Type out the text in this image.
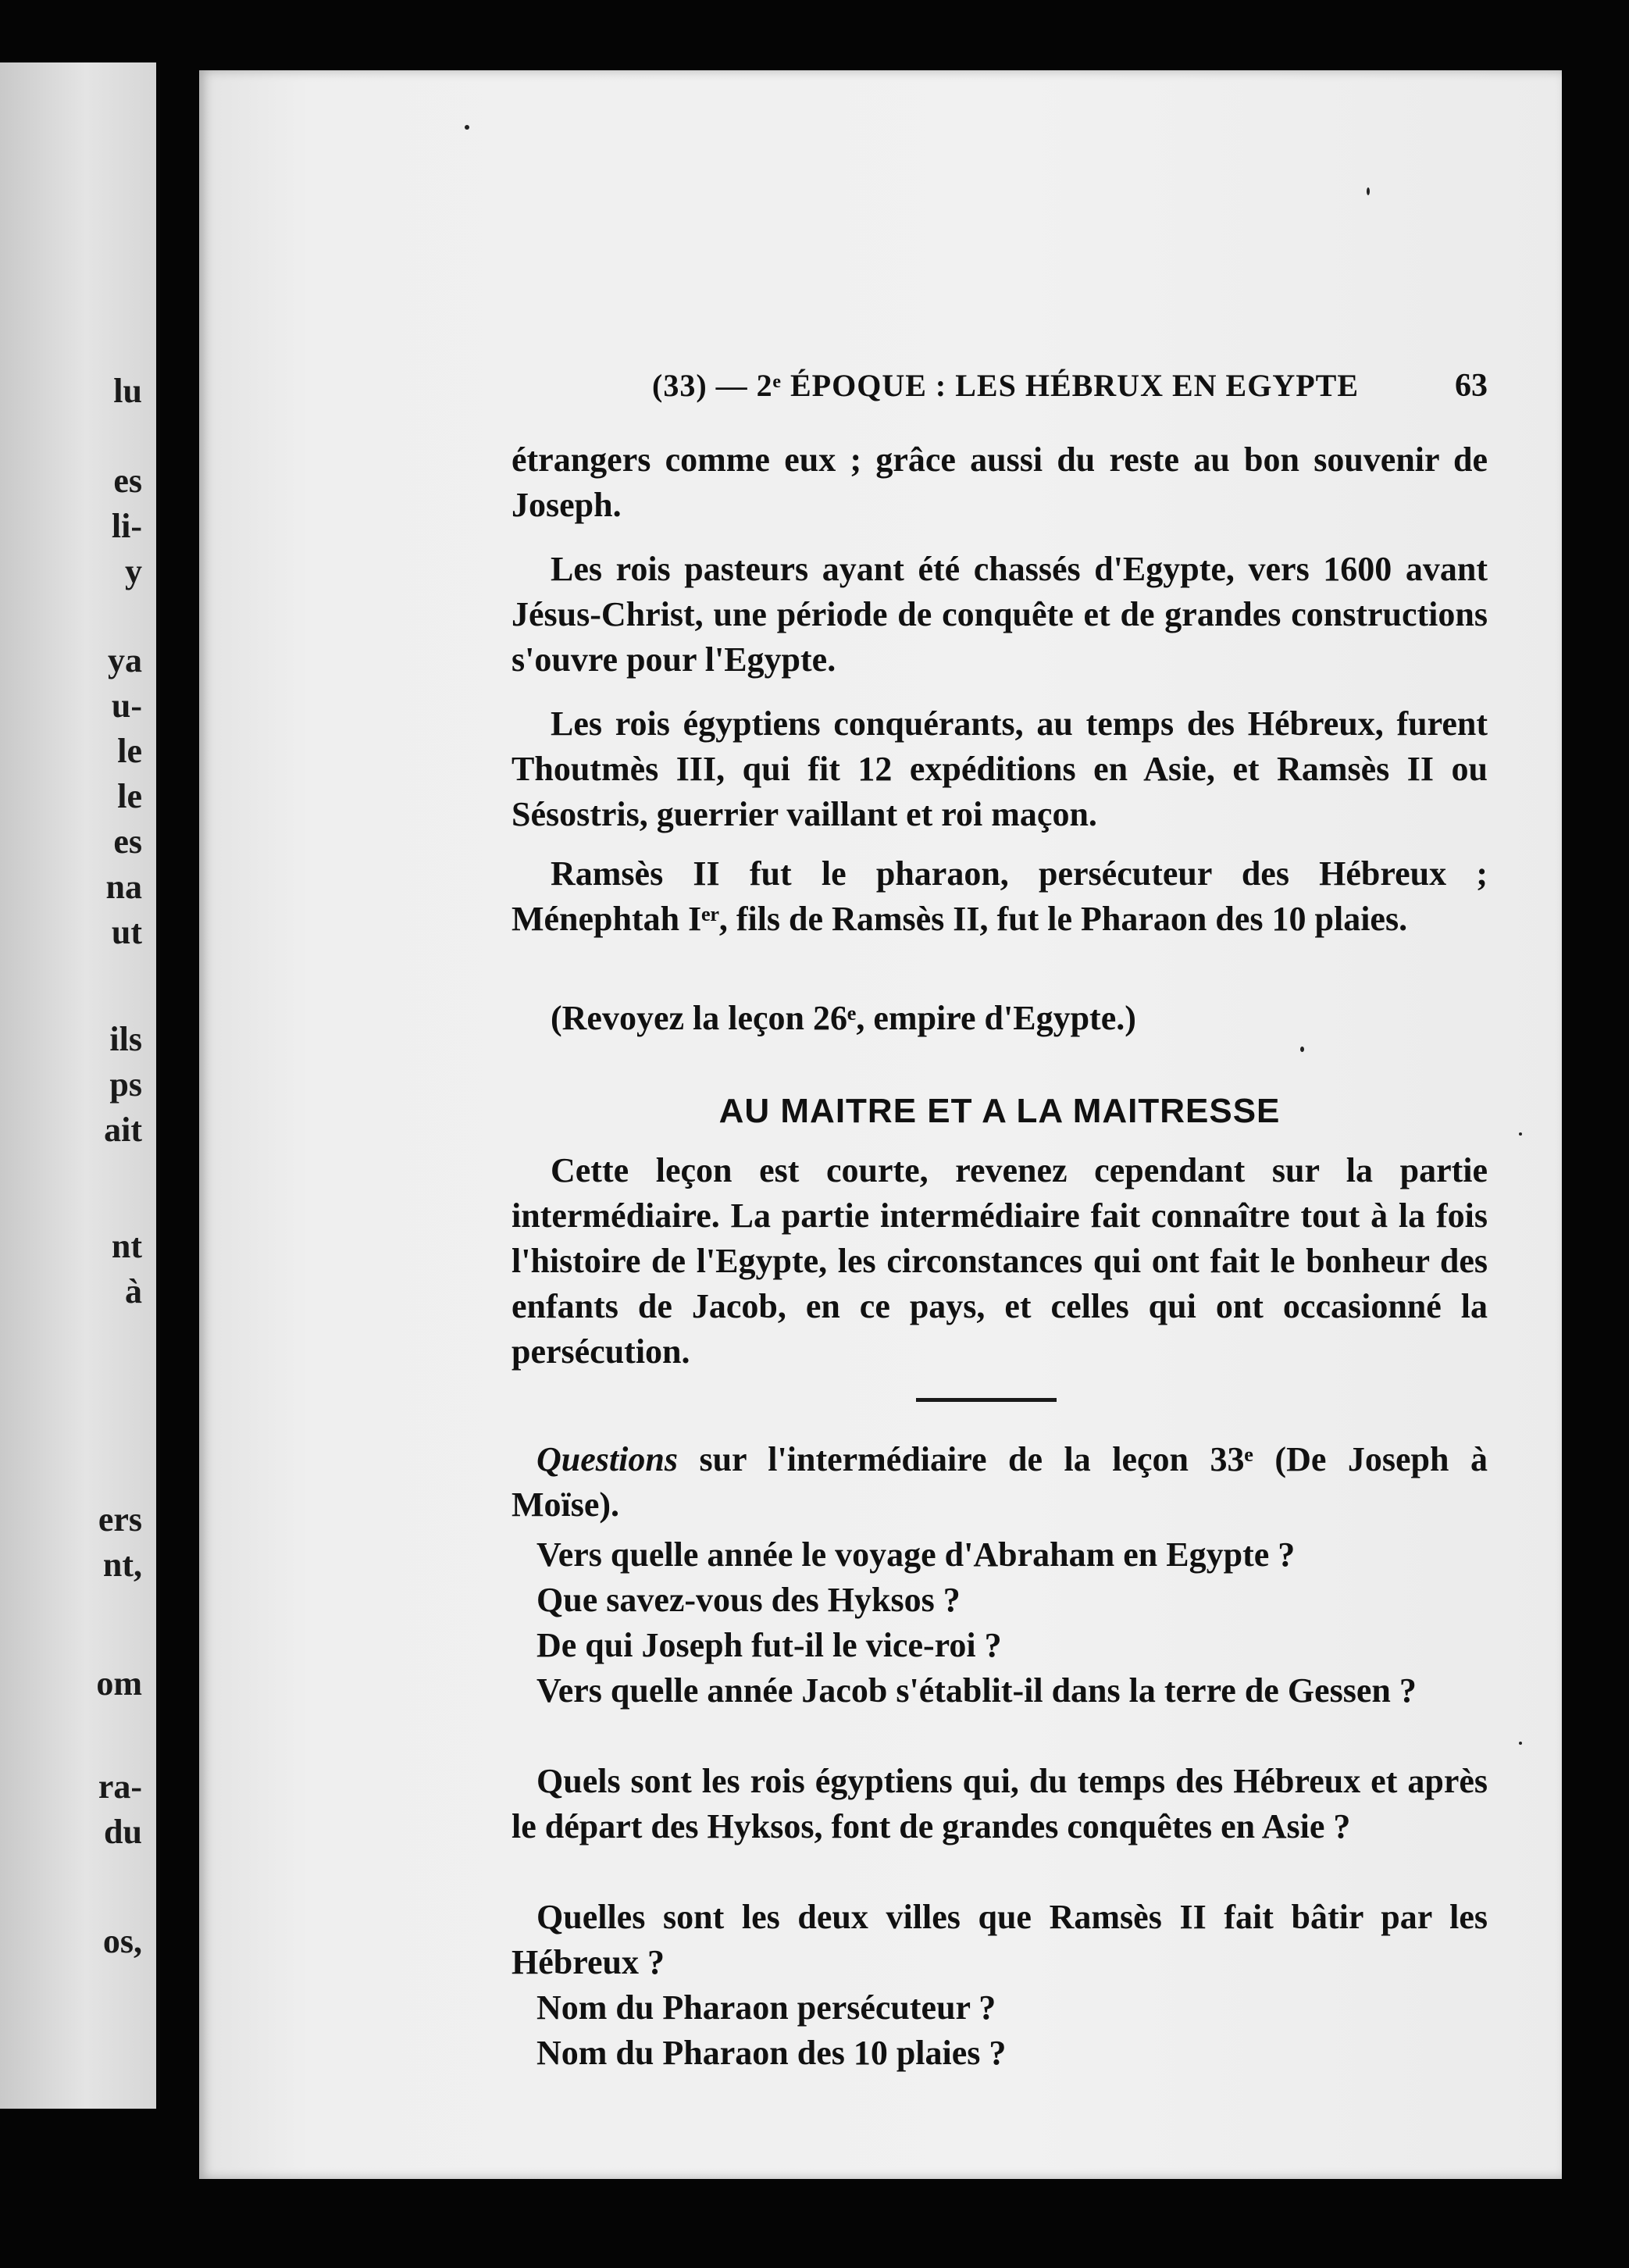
lu
es
li-
y
ya
u-
le
le
es
na
ut
ils
ps
ait
nt
à
ers
nt,
om
ra-
du
os,
(33) — 2ᵉ ÉPOQUE : LES HÉBRUX EN EGYPTE	63

étrangers comme eux ; grâce aussi du reste au bon souvenir de Joseph.

Les rois pasteurs ayant été chassés d'Egypte, vers 1600 avant Jésus-Christ, une période de conquête et de grandes constructions s'ouvre pour l'Egypte.

Les rois égyptiens conquérants, au temps des Hébreux, furent Thoutmès III, qui fit 12 expéditions en Asie, et Ramsès II ou Sésostris, guerrier vaillant et roi maçon.

Ramsès II fut le pharaon, persécuteur des Hébreux ; Ménephtah Iᵉʳ, fils de Ramsès II, fut le Pharaon des 10 plaies.

(Revoyez la leçon 26ᵉ, empire d'Egypte.)

AU MAITRE ET A LA MAITRESSE

Cette leçon est courte, revenez cependant sur la partie intermédiaire. La partie intermédiaire fait connaître tout à la fois l'histoire de l'Egypte, les circonstances qui ont fait le bonheur des enfants de Jacob, en ce pays, et celles qui ont occasionné la persécution.

Questions sur l'intermédiaire de la leçon 33ᵉ (De Joseph à Moïse).

Vers quelle année le voyage d'Abraham en Egypte ?

Que savez-vous des Hyksos ?

De qui Joseph fut-il le vice-roi ?

Vers quelle année Jacob s'établit-il dans la terre de Gessen ?

Quels sont les rois égyptiens qui, du temps des Hébreux et après le départ des Hyksos, font de grandes conquêtes en Asie ?

Quelles sont les deux villes que Ramsès II fait bâtir par les Hébreux ?

Nom du Pharaon persécuteur ?

Nom du Pharaon des 10 plaies ?
